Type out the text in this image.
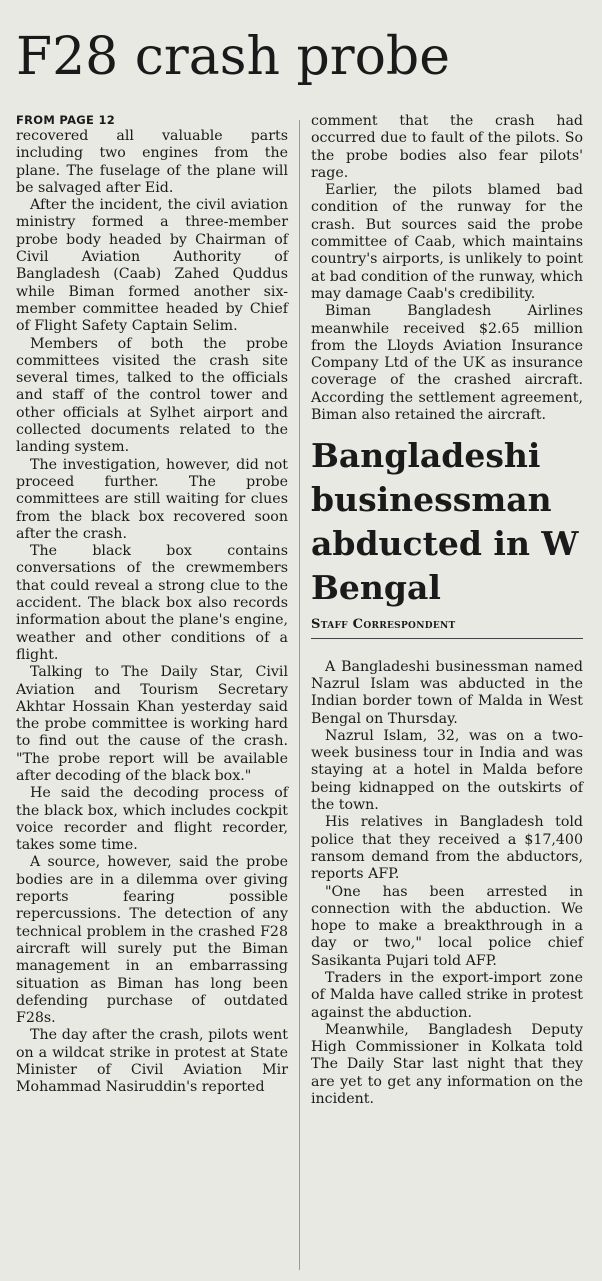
F28 crash probe
FROM PAGE 12

recovered all valuable parts including two engines from the plane. The fuselage of the plane will be salvaged after Eid.

After the incident, the civil aviation ministry formed a three-member probe body headed by Chairman of Civil Aviation Authority of Bangladesh (Caab) Zahed Quddus while Biman formed another six-member committee headed by Chief of Flight Safety Captain Selim.

Members of both the probe committees visited the crash site several times, talked to the officials and staff of the control tower and other officials at Sylhet airport and collected documents related to the landing system.

The investigation, however, did not proceed further. The probe committees are still waiting for clues from the black box recovered soon after the crash.

The black box contains conversations of the crewmembers that could reveal a strong clue to the accident. The black box also records information about the plane's engine, weather and other conditions of a flight.

Talking to The Daily Star, Civil Aviation and Tourism Secretary Akhtar Hossain Khan yesterday said the probe committee is working hard to find out the cause of the crash. "The probe report will be available after decoding of the black box."

He said the decoding process of the black box, which includes cockpit voice recorder and flight recorder, takes some time.

A source, however, said the probe bodies are in a dilemma over giving reports fearing possible repercussions. The detection of any technical problem in the crashed F28 aircraft will surely put the Biman management in an embarrassing situation as Biman has long been defending purchase of outdated F28s.

The day after the crash, pilots went on a wildcat strike in protest at State Minister of Civil Aviation Mir Mohammad Nasiruddin's reported

comment that the crash had occurred due to fault of the pilots. So the probe bodies also fear pilots' rage.

Earlier, the pilots blamed bad condition of the runway for the crash. But sources said the probe committee of Caab, which maintains country's airports, is unlikely to point at bad condition of the runway, which may damage Caab's credibility.

Biman Bangladesh Airlines meanwhile received $2.65 million from the Lloyds Aviation Insurance Company Ltd of the UK as insurance coverage of the crashed aircraft. According the settlement agreement, Biman also retained the aircraft.

Bangladeshi businessman abducted in W Bengal
Staff Correspondent

A Bangladeshi businessman named Nazrul Islam was abducted in the Indian border town of Malda in West Bengal on Thursday.

Nazrul Islam, 32, was on a two-week business tour in India and was staying at a hotel in Malda before being kidnapped on the outskirts of the town.

His relatives in Bangladesh told police that they received a $17,400 ransom demand from the abductors, reports AFP.

"One has been arrested in connection with the abduction. We hope to make a breakthrough in a day or two," local police chief Sasikanta Pujari told AFP.

Traders in the export-import zone of Malda have called strike in protest against the abduction.

Meanwhile, Bangladesh Deputy High Commissioner in Kolkata told The Daily Star last night that they are yet to get any information on the incident.
